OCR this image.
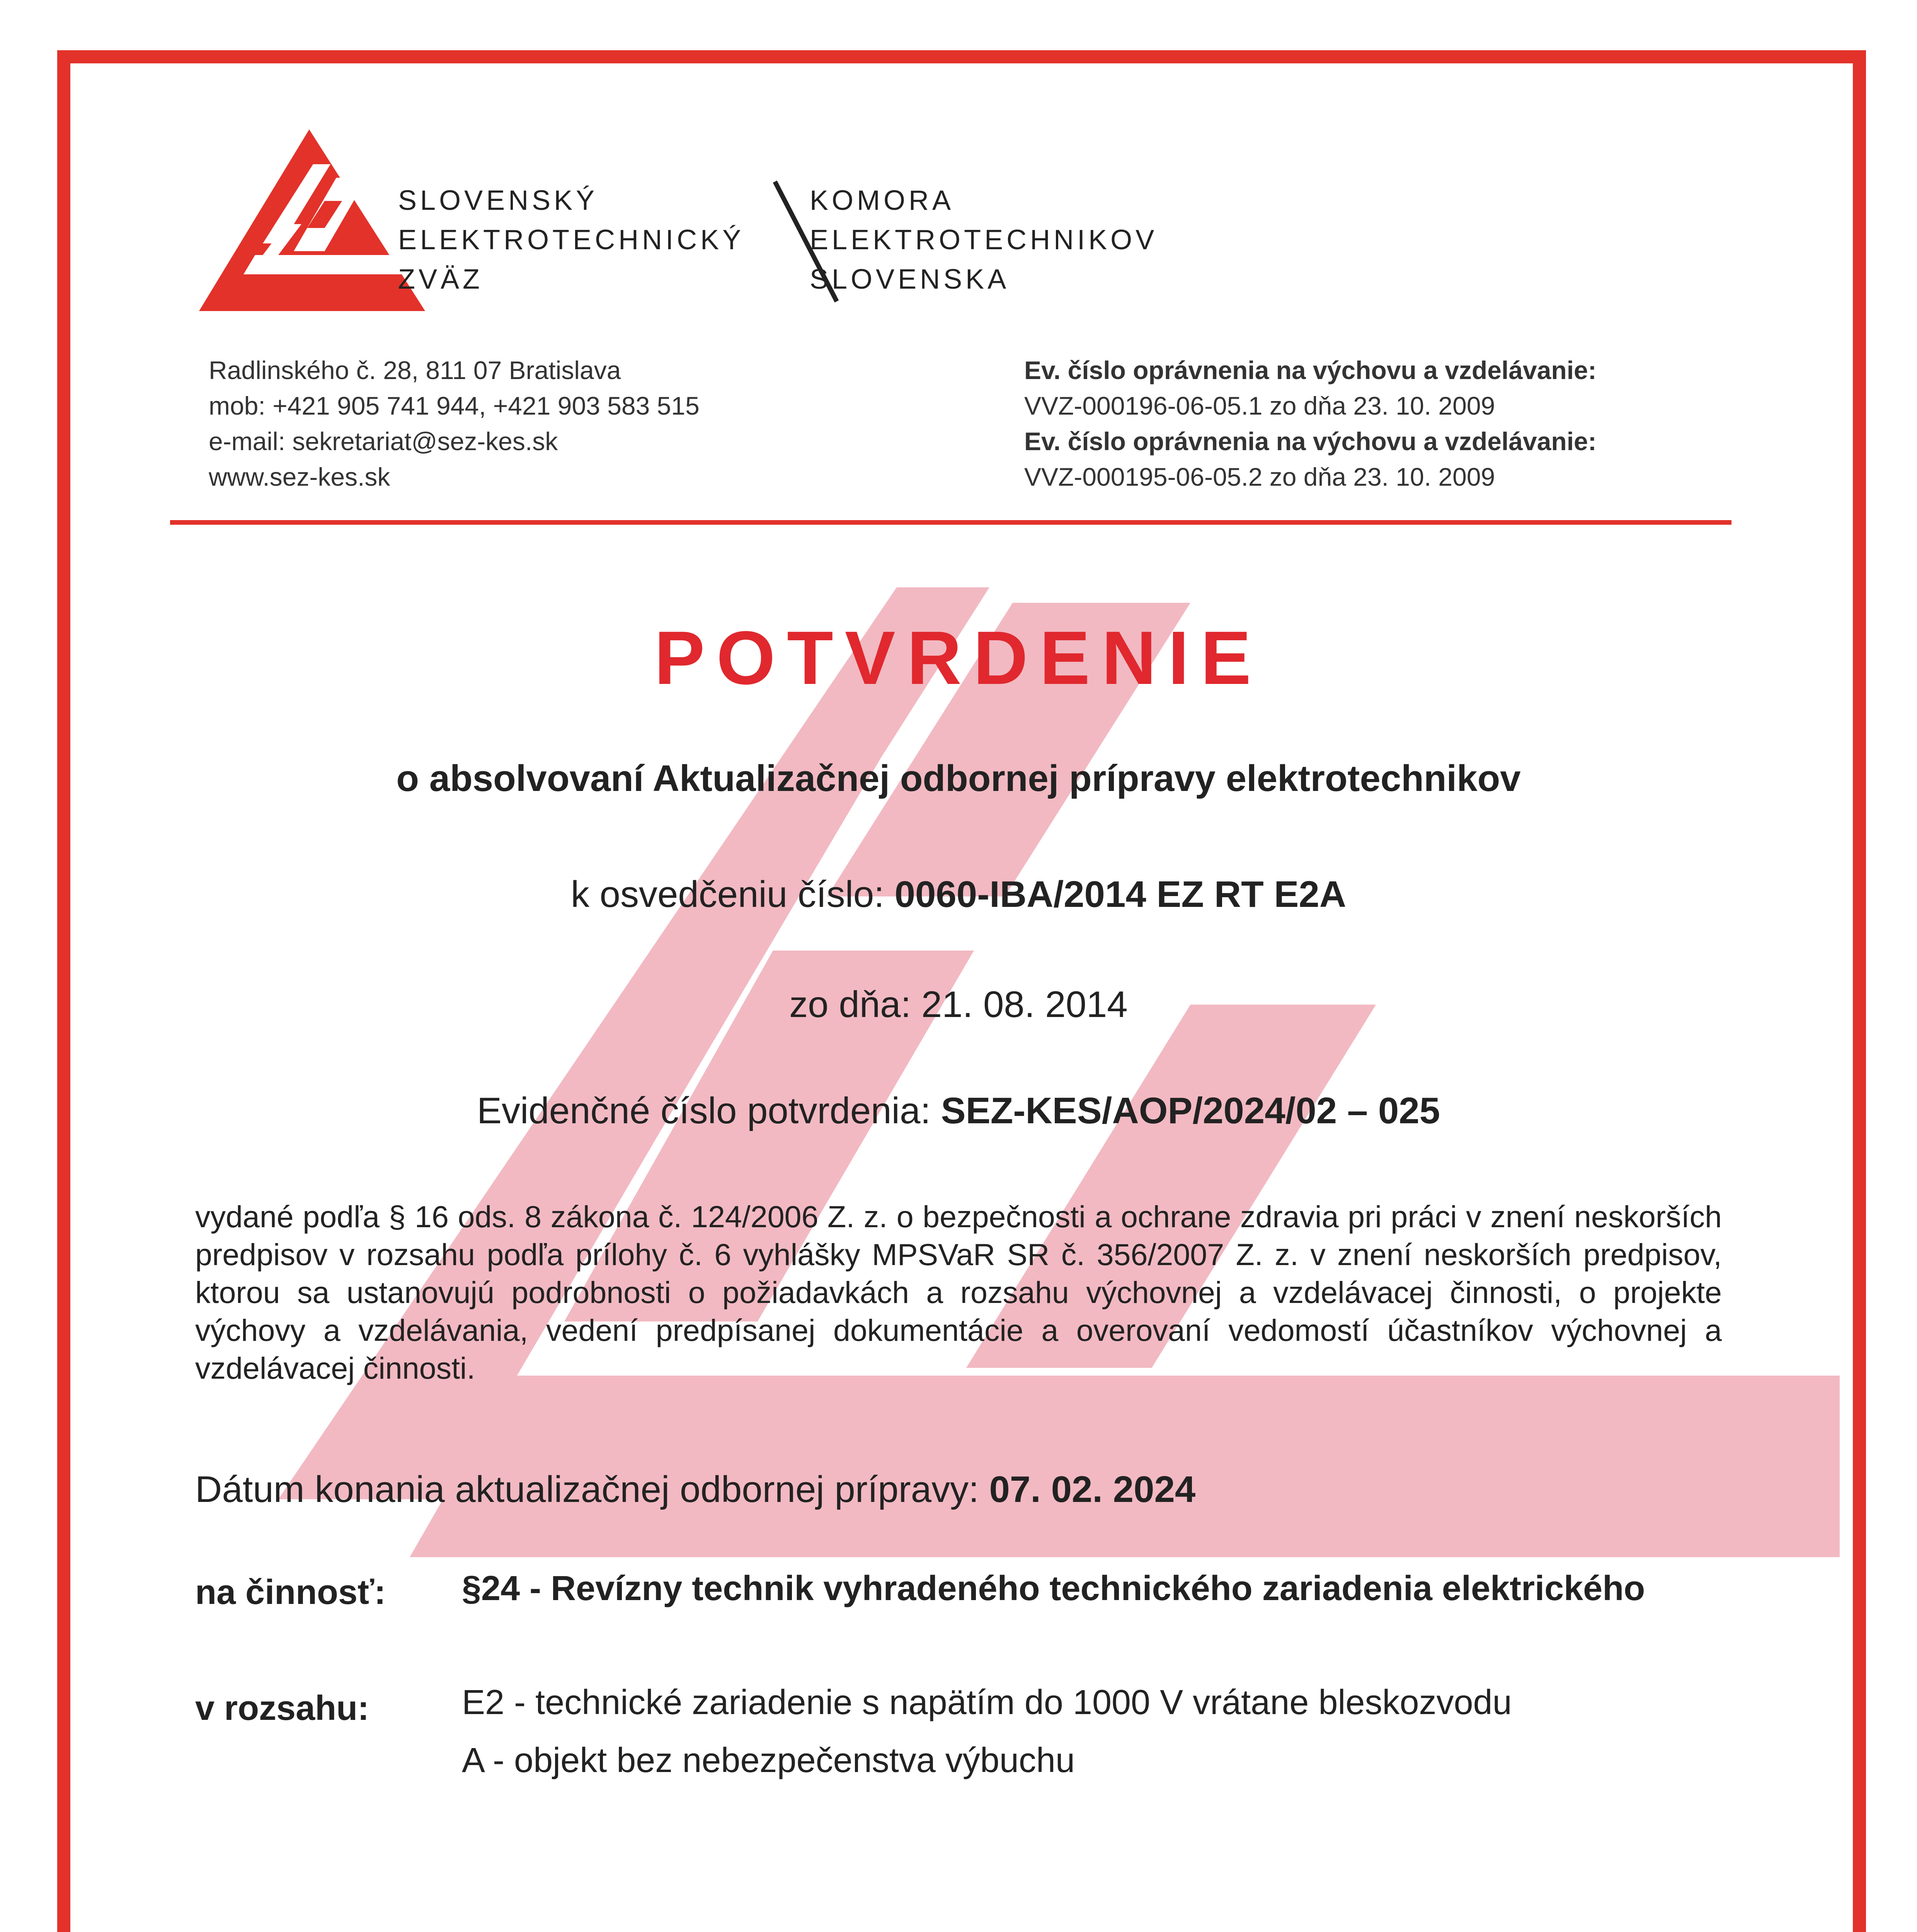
SLOVENSKÝ
ELEKTROTECHNICKÝ
ZVÄZ
KOMORA
ELEKTROTECHNIKOV
SLOVENSKA
Radlinského č. 28, 811 07 Bratislava
mob: +421 905 741 944, +421 903 583 515
e-mail: sekretariat@sez-kes.sk
www.sez-kes.sk
Ev. číslo oprávnenia na výchovu a vzdelávanie:
VVZ-000196-06-05.1 zo dňa 23. 10. 2009
Ev. číslo oprávnenia na výchovu a vzdelávanie:
VVZ-000195-06-05.2 zo dňa 23. 10. 2009
POTVRDENIE
o absolvovaní Aktualizačnej odbornej prípravy elektrotechnikov
k osvedčeniu číslo: 0060-IBA/2014 EZ RT E2A
zo dňa: 21. 08. 2014
Evidenčné číslo potvrdenia: SEZ-KES/AOP/2024/02 – 025
vydané podľa § 16 ods. 8 zákona č. 124/2006 Z. z. o bezpečnosti a ochrane zdravia pri práci v znení neskorších predpisov v rozsahu podľa prílohy č. 6 vyhlášky MPSVaR SR č. 356/2007 Z. z. v znení neskorších predpisov, ktorou sa ustanovujú podrobnosti o požiadavkách a rozsahu výchovnej a vzdelávacej činnosti, o projekte výchovy a vzdelávania, vedení predpísanej dokumentácie a overovaní vedomostí účastníkov výchovnej a vzdelávacej činnosti.
Dátum konania aktualizačnej odbornej prípravy: 07. 02. 2024
na činnosť: §24 - Revízny technik vyhradeného technického zariadenia elektrického
v rozsahu:	E2 - technické zariadenie s napätím do 1000 V vrátane bleskozvodu
A - objekt bez nebezpečenstva výbuchu
